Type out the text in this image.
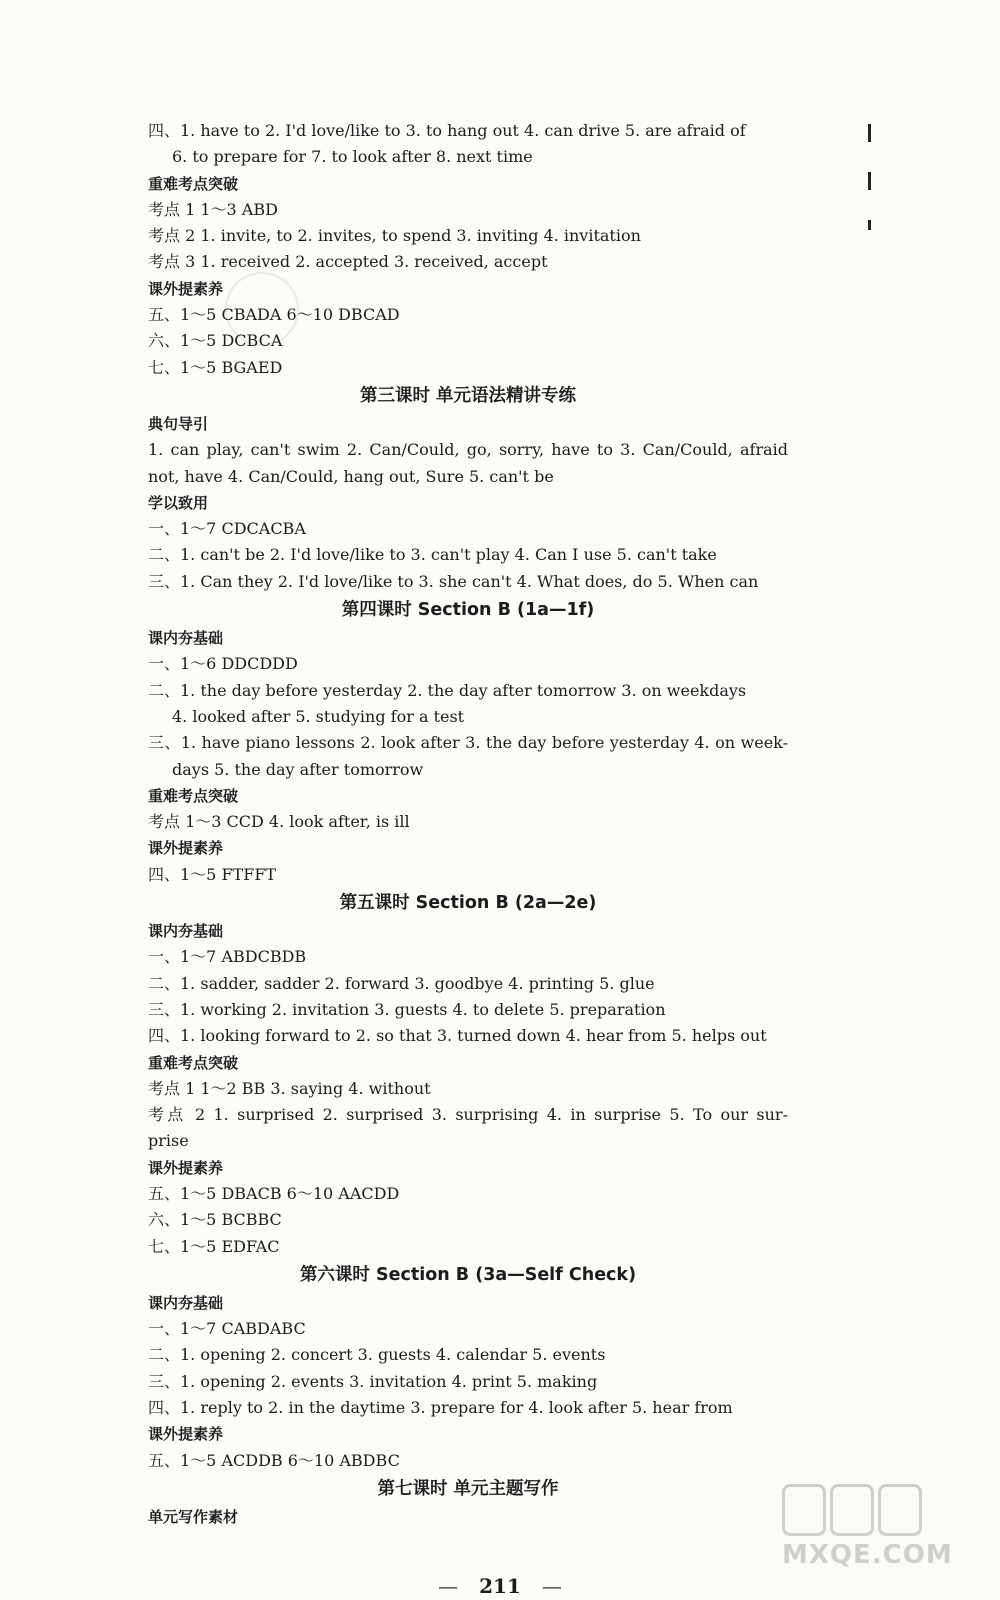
四、1. have to 2. I'd love/like to 3. to hang out 4. can drive 5. are afraid of
6. to prepare for 7. to look after 8. next time
重难考点突破
考点 1 1～3 ABD
考点 2 1. invite, to 2. invites, to spend 3. inviting 4. invitation
考点 3 1. received 2. accepted 3. received, accept
课外提素养
五、1～5 CBADA 6～10 DBCAD
六、1～5 DCBCA
七、1～5 BGAED
第三课时 单元语法精讲专练
典句导引
1. can play, can't swim 2. Can/Could, go, sorry, have to 3. Can/Could, afraid
not, have 4. Can/Could, hang out, Sure 5. can't be
学以致用
一、1～7 CDCACBA
二、1. can't be 2. I'd love/like to 3. can't play 4. Can I use 5. can't take
三、1. Can they 2. I'd love/like to 3. she can't 4. What does, do 5. When can
第四课时 Section B (1a—1f)
课内夯基础
一、1～6 DDCDDD
二、1. the day before yesterday 2. the day after tomorrow 3. on weekdays
4. looked after 5. studying for a test
三、1. have piano lessons 2. look after 3. the day before yesterday 4. on week-
days 5. the day after tomorrow
重难考点突破
考点 1～3 CCD 4. look after, is ill
课外提素养
四、1～5 FTFFT
第五课时 Section B (2a—2e)
课内夯基础
一、1～7 ABDCBDB
二、1. sadder, sadder 2. forward 3. goodbye 4. printing 5. glue
三、1. working 2. invitation 3. guests 4. to delete 5. preparation
四、1. looking forward to 2. so that 3. turned down 4. hear from 5. helps out
重难考点突破
考点 1 1～2 BB 3. saying 4. without
考点 2 1. surprised 2. surprised 3. surprising 4. in surprise 5. To our sur-
prise
课外提素养
五、1～5 DBACB 6～10 AACDD
六、1～5 BCBBC
七、1～5 EDFAC
第六课时 Section B (3a—Self Check)
课内夯基础
一、1～7 CABDABC
二、1. opening 2. concert 3. guests 4. calendar 5. events
三、1. opening 2. events 3. invitation 4. print 5. making
四、1. reply to 2. in the daytime 3. prepare for 4. look after 5. hear from
课外提素养
五、1～5 ACDDB 6～10 ABDBC
第七课时 单元主题写作
单元写作素材
— 211 —
MXQE.COM
